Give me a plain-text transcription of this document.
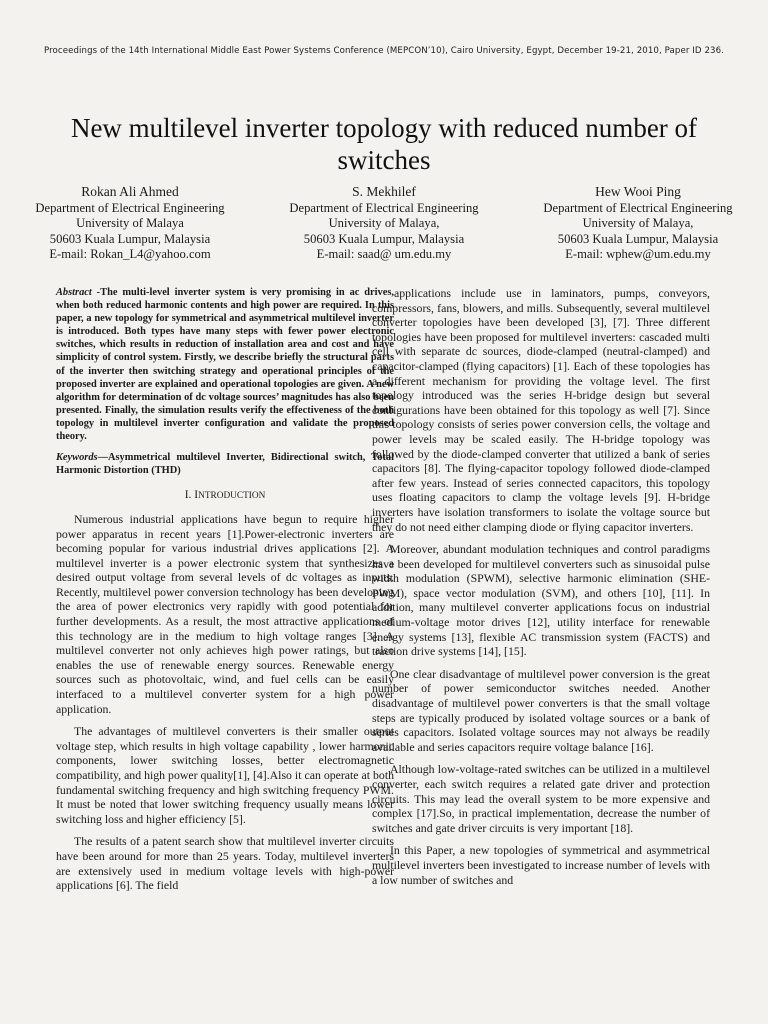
Proceedings of the 14th International Middle East Power Systems Conference (MEPCON’10), Cairo University, Egypt, December 19-21, 2010, Paper ID 236.
New multilevel inverter topology with reduced number of switches
Rokan Ali Ahmed
Department of Electrical Engineering
University of Malaya
50603 Kuala Lumpur, Malaysia
E-mail: Rokan_L4@yahoo.com
S. Mekhilef
Department of Electrical Engineering
University of Malaya,
50603 Kuala Lumpur, Malaysia
E-mail: saad@ um.edu.my
Hew Wooi Ping
Department of Electrical Engineering
University of Malaya,
50603 Kuala Lumpur, Malaysia
E-mail: wphew@um.edu.my
Abstract -The multi-level inverter system is very promising in ac drives, when both reduced harmonic contents and high power are required. In this paper, a new topology for symmetrical and asymmetrical multilevel inverter is introduced. Both types have many steps with fewer power electronic switches, which results in reduction of installation area and cost and have simplicity of control system. Firstly, we describe briefly the structural parts of the inverter then switching strategy and operational principles of the proposed inverter are explained and operational topologies are given. A new algorithm for determination of dc voltage sources’ magnitudes has also been presented. Finally, the simulation results verify the effectiveness of the both topology in multilevel inverter configuration and validate the proposed theory.
Keywords—Asymmetrical multilevel Inverter, Bidirectional switch, Total Harmonic Distortion (THD)
I. INTRODUCTION

Numerous industrial applications have begun to require higher power apparatus in recent years [1].Power-electronic inverters are becoming popular for various industrial drives applications [2]. A multilevel inverter is a power electronic system that synthesizes a desired output voltage from several levels of dc voltages as inputs. Recently, multilevel power conversion technology has been developing the area of power electronics very rapidly with good potential for further developments. As a result, the most attractive applications of this technology are in the medium to high voltage ranges [3]. A multilevel converter not only achieves high power ratings, but also enables the use of renewable energy sources. Renewable energy sources such as photovoltaic, wind, and fuel cells can be easily interfaced to a multilevel converter system for a high power application.

The advantages of multilevel converters is their smaller output voltage step, which results in high voltage capability , lower harmonic components, lower switching losses, better electromagnetic compatibility, and high power quality[1], [4].Also it can operate at both fundamental switching frequency and high switching frequency PWM. It must be noted that lower switching frequency usually means lower switching loss and higher efficiency [5].

The results of a patent search show that multilevel inverter circuits have been around for more than 25 years. Today, multilevel inverters are extensively used in medium voltage levels with high-power applications [6]. The field

applications include use in laminators, pumps, conveyors, compressors, fans, blowers, and mills. Subsequently, several multilevel converter topologies have been developed [3], [7]. Three different topologies have been proposed for multilevel inverters: cascaded multi cell with separate dc sources, diode-clamped (neutral-clamped) and capacitor-clamped (flying capacitors) [1]. Each of these topologies has a different mechanism for providing the voltage level. The first topology introduced was the series H-bridge design but several configurations have been obtained for this topology as well [7]. Since this topology consists of series power conversion cells, the voltage and power levels may be scaled easily. The H-bridge topology was followed by the diode-clamped converter that utilized a bank of series capacitors [8]. The flying-capacitor topology followed diode-clamped after few years. Instead of series connected capacitors, this topology uses floating capacitors to clamp the voltage levels [9]. H-bridge inverters have isolation transformers to isolate the voltage source but they do not need either clamping diode or flying capacitor inverters.

Moreover, abundant modulation techniques and control paradigms have been developed for multilevel converters such as sinusoidal pulse width modulation (SPWM), selective harmonic elimination (SHE-PWM), space vector modulation (SVM), and others [10], [11]. In addition, many multilevel converter applications focus on industrial medium-voltage motor drives [12], utility interface for renewable energy systems [13], flexible AC transmission system (FACTS) and traction drive systems [14], [15].

One clear disadvantage of multilevel power conversion is the great number of power semiconductor switches needed. Another disadvantage of multilevel power converters is that the small voltage steps are typically produced by isolated voltage sources or a bank of series capacitors. Isolated voltage sources may not always be readily available and series capacitors require voltage balance [16].

Although low-voltage-rated switches can be utilized in a multilevel converter, each switch requires a related gate driver and protection circuits. This may lead the overall system to be more expensive and complex [17].So, in practical implementation, decrease the number of switches and gate driver circuits is very important [18].

In this Paper, a new topologies of symmetrical and asymmetrical multilevel inverters been investigated to increase number of levels with a low number of switches and
